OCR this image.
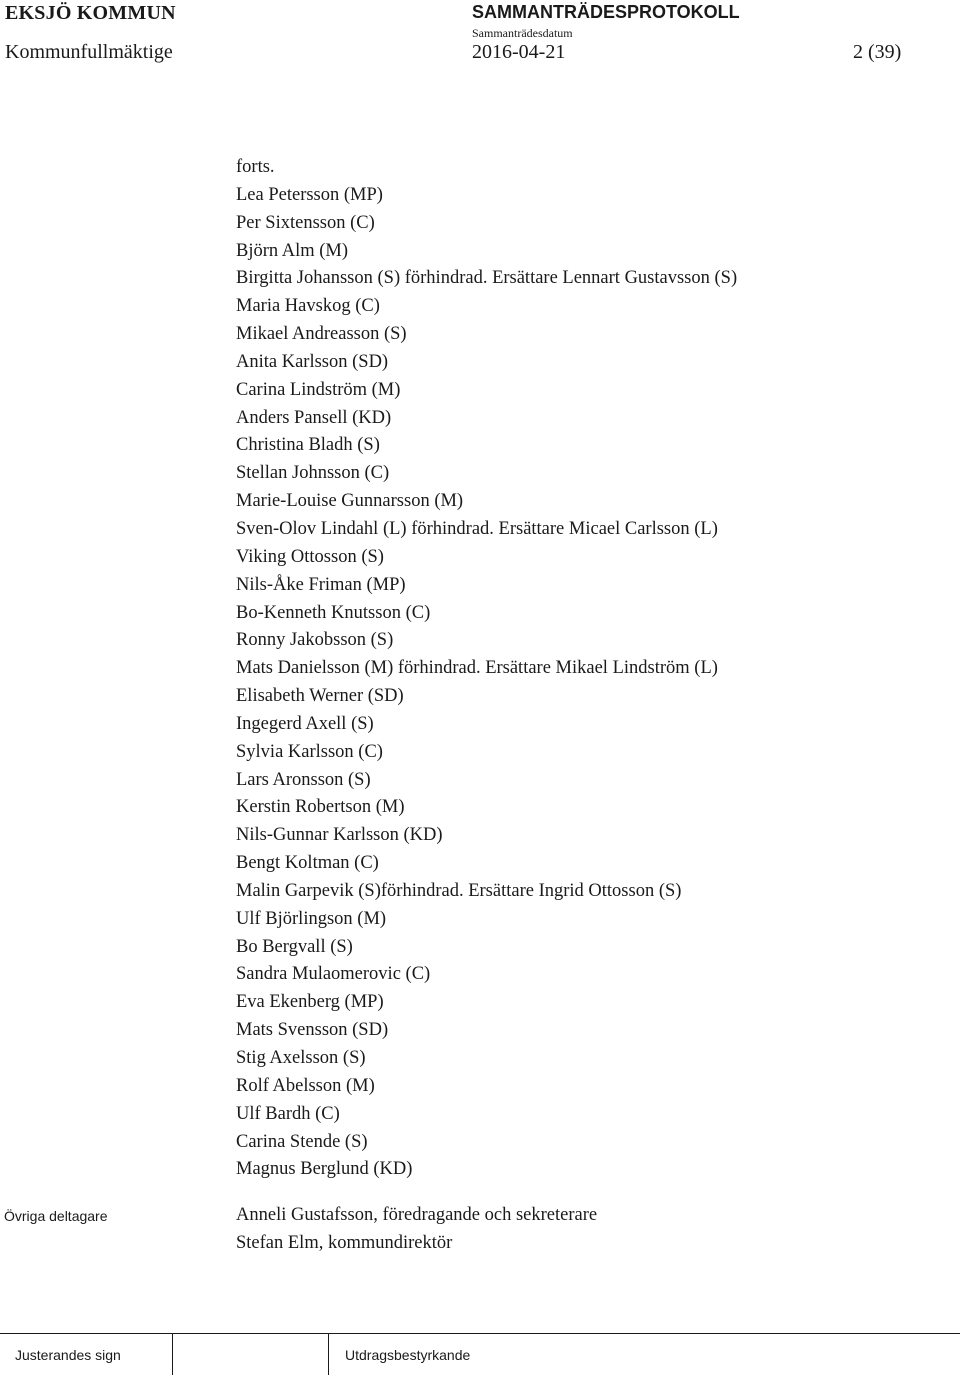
EKSJÖ KOMMUN	SAMMANTRÄDESPROTOKOLL
Sammanträdesdatum
Kommunfullmäktige	2016-04-21	2 (39)
forts.
Lea Petersson (MP)
Per Sixtensson (C)
Björn Alm (M)
Birgitta Johansson (S) förhindrad. Ersättare Lennart Gustavsson (S)
Maria Havskog (C)
Mikael Andreasson (S)
Anita Karlsson (SD)
Carina Lindström (M)
Anders Pansell (KD)
Christina Bladh (S)
Stellan Johnsson (C)
Marie-Louise Gunnarsson (M)
Sven-Olov Lindahl (L) förhindrad. Ersättare Micael Carlsson (L)
Viking Ottosson (S)
Nils-Åke Friman (MP)
Bo-Kenneth Knutsson (C)
Ronny Jakobsson (S)
Mats Danielsson (M) förhindrad. Ersättare Mikael Lindström (L)
Elisabeth Werner (SD)
Ingegerd Axell (S)
Sylvia Karlsson (C)
Lars Aronsson (S)
Kerstin Robertson (M)
Nils-Gunnar Karlsson (KD)
Bengt Koltman (C)
Malin Garpevik (S)förhindrad. Ersättare Ingrid Ottosson (S)
Ulf Björlingson (M)
Bo Bergvall (S)
Sandra Mulaomerovic (C)
Eva Ekenberg (MP)
Mats Svensson (SD)
Stig Axelsson (S)
Rolf Abelsson (M)
Ulf Bardh (C)
Carina Stende (S)
Magnus Berglund (KD)
Övriga deltagare	Anneli Gustafsson, föredragande och sekreterare
Stefan Elm, kommundirektör
Justerandes sign	Utdragsbestyrkande
